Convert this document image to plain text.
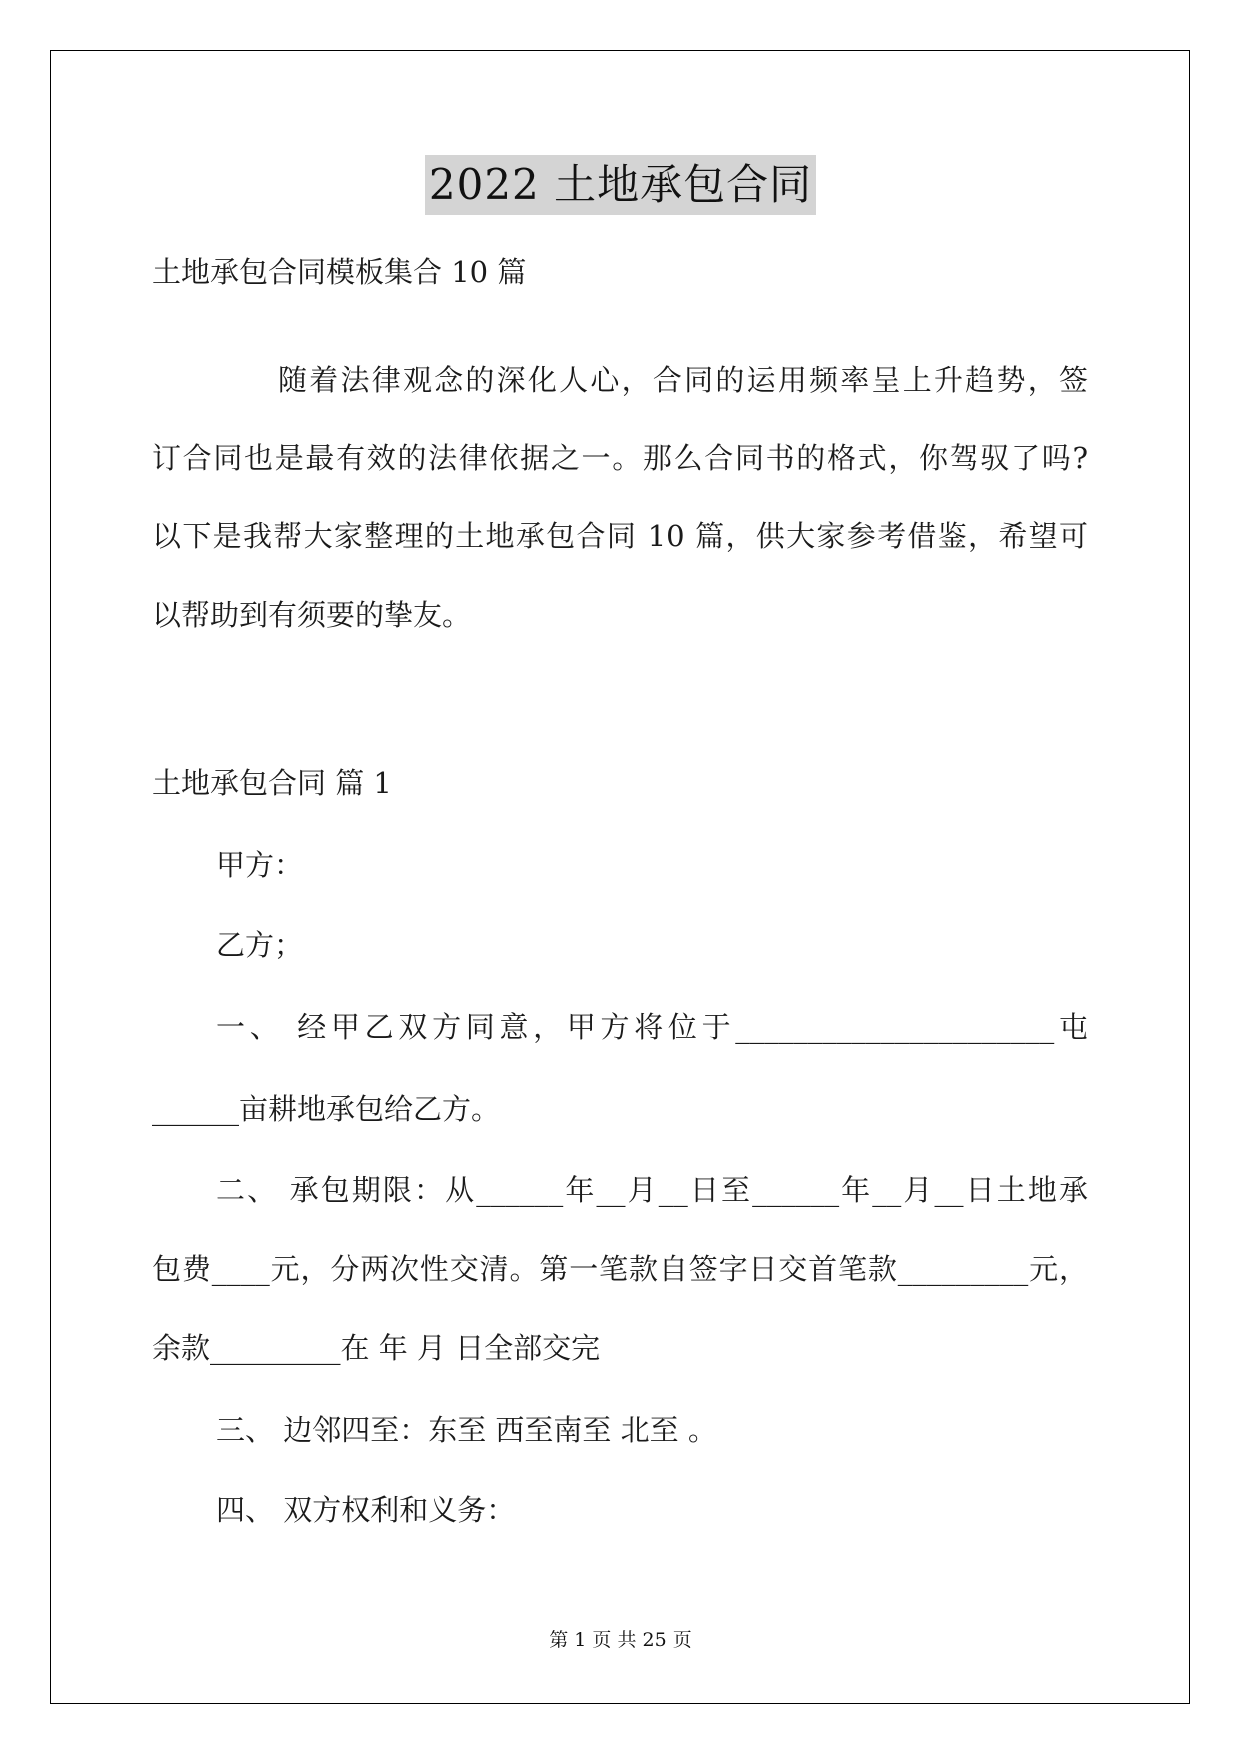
2022 土地承包合同
土地承包合同模板集合 10 篇
随着法律观念的深化人心，合同的运用频率呈上升趋势，签
订合同也是最有效的法律依据之一。那么合同书的格式，你驾驭了吗?
以下是我帮大家整理的土地承包合同 10 篇，供大家参考借鉴，希望可
以帮助到有须要的挚友。
土地承包合同 篇 1
甲方：
乙方；
一、 经甲乙双方同意，甲方将位于______________________屯
______亩耕地承包给乙方。
二、 承包期限：从______年__月__日至______年__月__日土地承
包费____元，分两次性交清。第一笔款自签字日交首笔款_________元，
余款_________在 年 月 日全部交完
三、 边邻四至：东至 西至南至 北至 。
四、 双方权利和义务：
第 1 页 共 25 页
